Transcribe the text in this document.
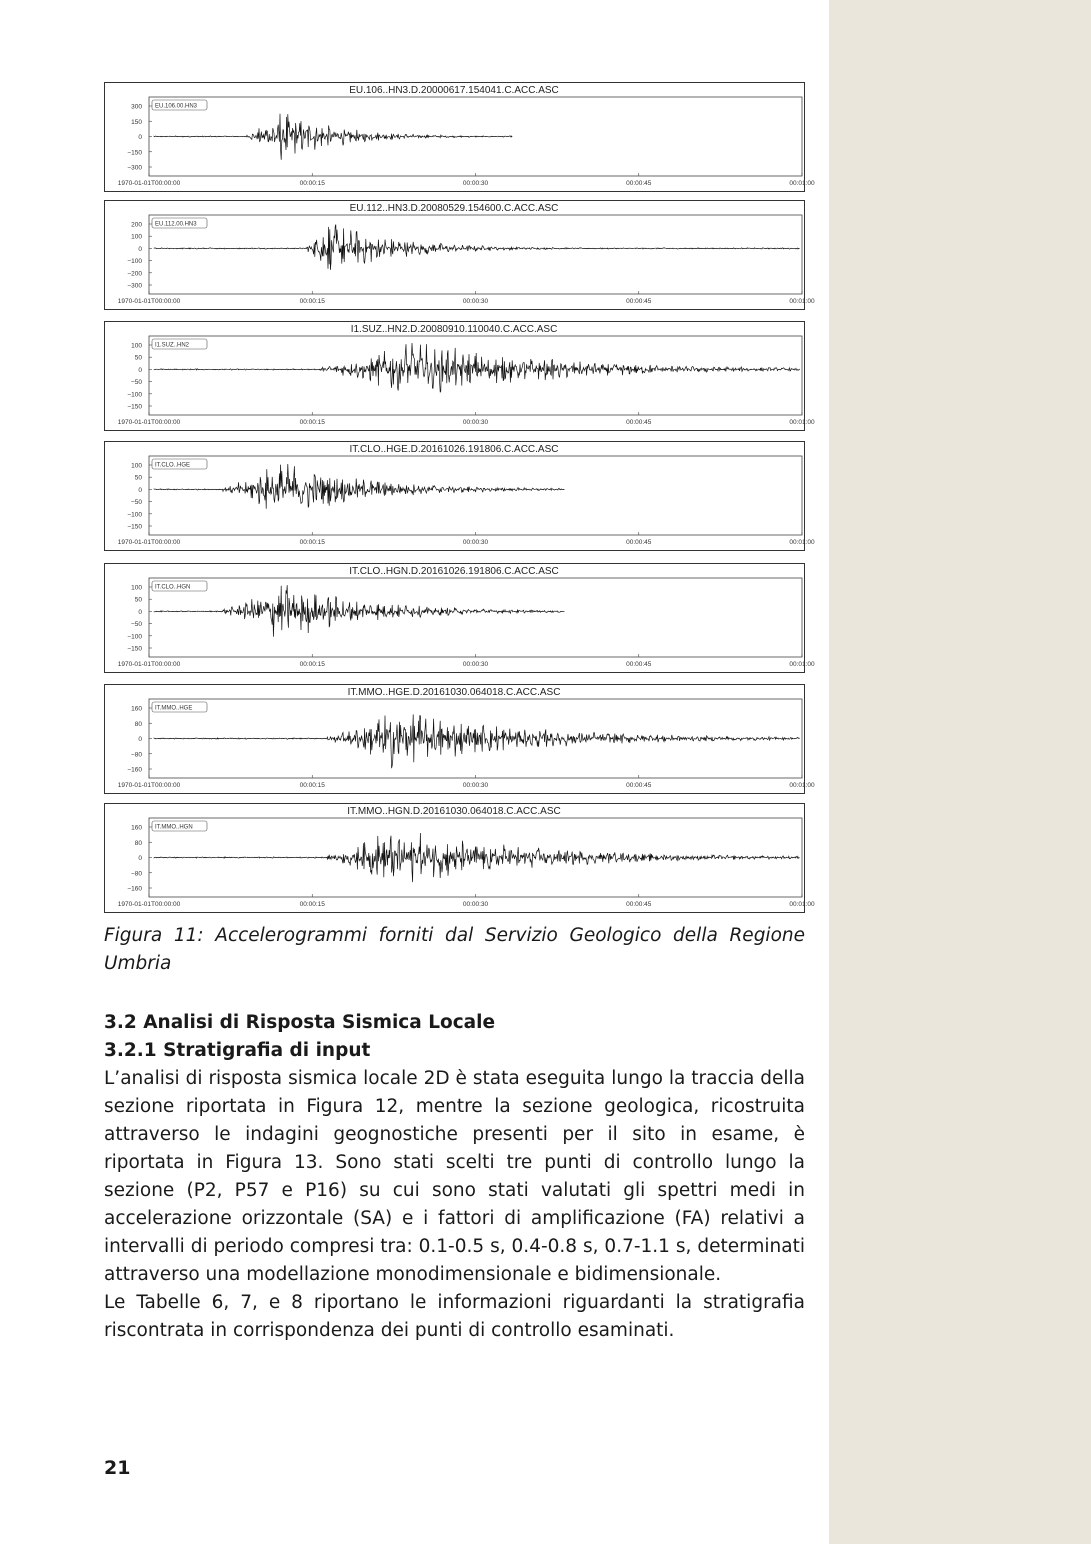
EU.106..HN3.D.20000617.154041.C.ACC.ASC
300
150
0
−150
−300
EU.106.00.HN3
1970-01-01T00:00:00	00:00:15	00:00:30	00:00:45	00:01:00
EU.112..HN3.D.20080529.154600.C.ACC.ASC
200
100
0
−100
−200
−300
EU.112.00.HN3
1970-01-01T00:00:00	00:00:15	00:00:30	00:00:45	00:01:00
I1.SUZ..HN2.D.20080910.110040.C.ACC.ASC
100
50
0
−50
−100
−150
I1.SUZ..HN2
1970-01-01T00:00:00	00:00:15	00:00:30	00:00:45	00:01:00
IT.CLO..HGE.D.20161026.191806.C.ACC.ASC
100
50
0
−50
−100
−150
IT.CLO..HGE
1970-01-01T00:00:00	00:00:15	00:00:30	00:00:45	00:01:00
IT.CLO..HGN.D.20161026.191806.C.ACC.ASC
100
50
0
−50
−100
−150
IT.CLO..HGN
1970-01-01T00:00:00	00:00:15	00:00:30	00:00:45	00:01:00
IT.MMO..HGE.D.20161030.064018.C.ACC.ASC
160
80
0
−80
−160
IT.MMO..HGE
1970-01-01T00:00:00	00:00:15	00:00:30	00:00:45	00:01:00
IT.MMO..HGN.D.20161030.064018.C.ACC.ASC
160
80
0
−80
−160
IT.MMO..HGN
1970-01-01T00:00:00	00:00:15	00:00:30	00:00:45	00:01:00

Figura 11: Accelerogrammi forniti dal Servizio Geologico della Regione Umbria

3.2 Analisi di Risposta Sismica Locale
3.2.1 Stratigrafia di input

L’analisi di risposta sismica locale 2D è stata eseguita lungo la traccia della sezione riportata in Figura 12, mentre la sezione geologica, ricostruita attraverso le indagini geognostiche presenti per il sito in esame, è riportata in Figura 13. Sono stati scelti tre punti di controllo lungo la sezione (P2, P57 e P16) su cui sono stati valutati gli spettri medi in accelerazione orizzontale (SA) e i fattori di amplificazione (FA) relativi a intervalli di periodo compresi tra: 0.1-0.5 s, 0.4-0.8 s, 0.7-1.1 s, determinati attraverso una modellazione monodimensionale e bidimensionale.

Le Tabelle 6, 7, e 8 riportano le informazioni riguardanti la stratigrafia riscontrata in corrispondenza dei punti di controllo esaminati.

21
